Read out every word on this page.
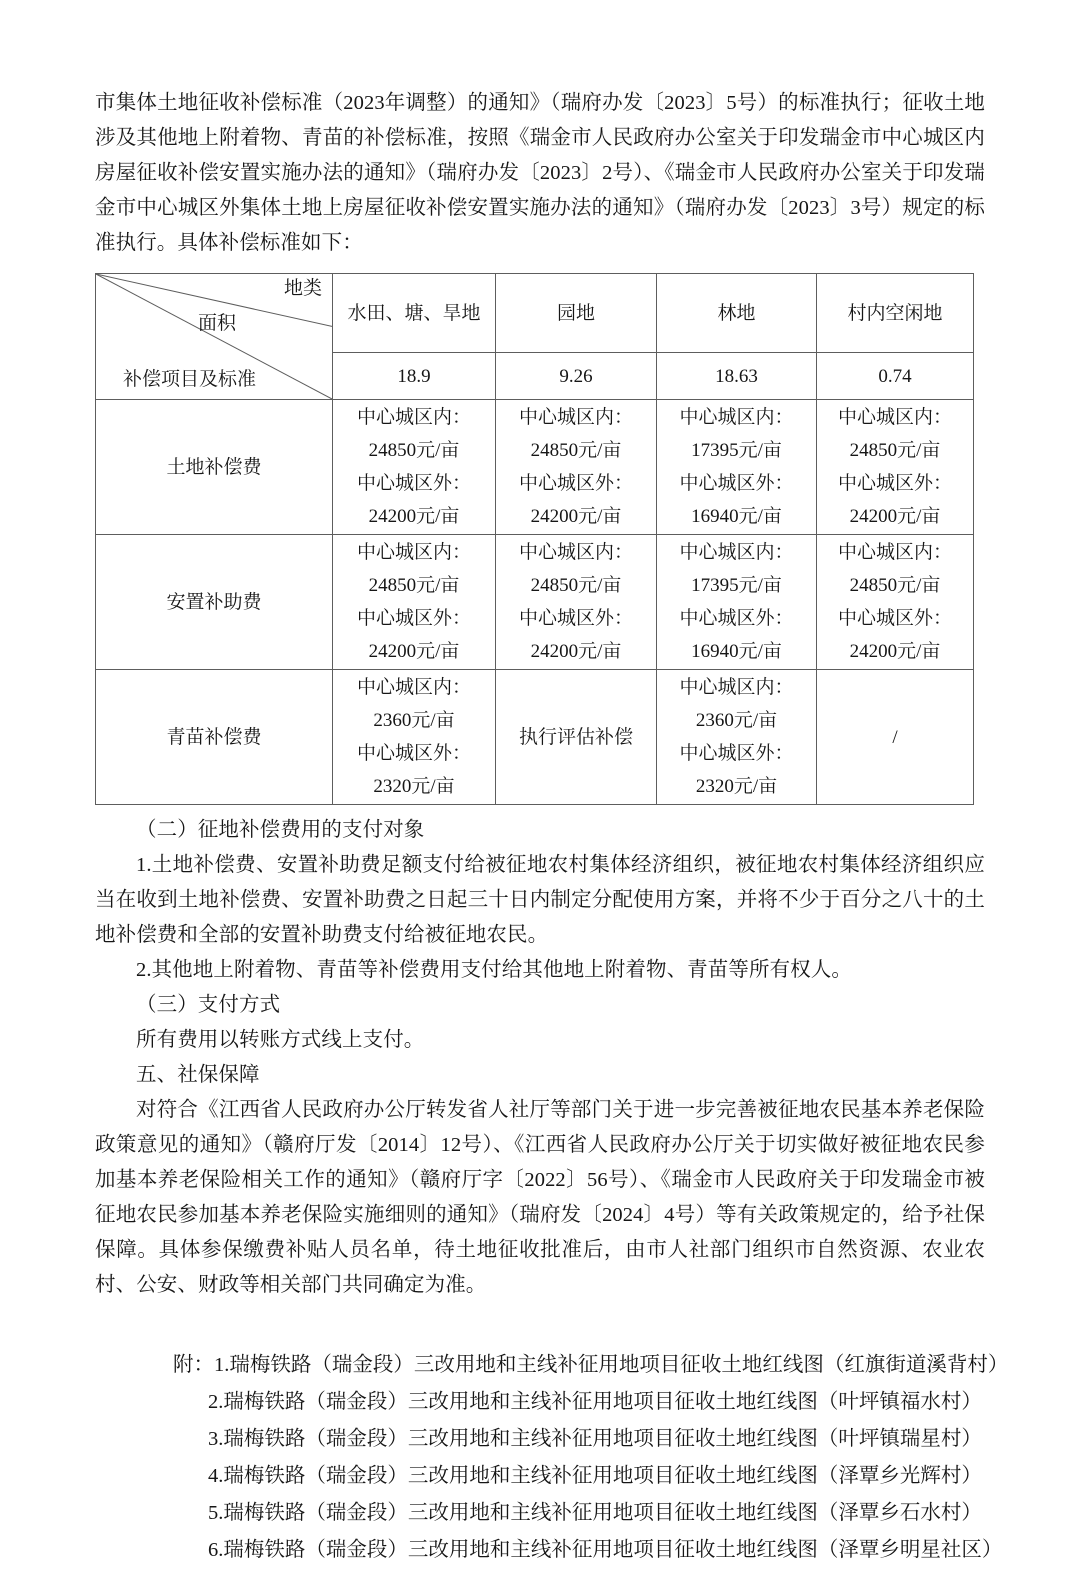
市集体土地征收补偿标准（2023年调整）的通知》（瑞府办发〔2023〕5号）的标准执行；征收土地涉及其他地上附着物、青苗的补偿标准，按照《瑞金市人民政府办公室关于印发瑞金市中心城区内房屋征收补偿安置实施办法的通知》（瑞府办发〔2023〕2号）、《瑞金市人民政府办公室关于印发瑞金市中心城区外集体土地上房屋征收补偿安置实施办法的通知》（瑞府办发〔2023〕3号）规定的标准执行。具体补偿标准如下：

地类
面积
补偿项目及标准	水田、塘、旱地	园地	林地	村内空闲地
	18.9	9.26	18.63	0.74
土地补偿费	中心城区内：
24850元/亩
中心城区外：
24200元/亩	中心城区内：
24850元/亩
中心城区外：
24200元/亩	中心城区内：
17395元/亩
中心城区外：
16940元/亩	中心城区内：
24850元/亩
中心城区外：
24200元/亩

安置补助费	中心城区内：
24850元/亩
中心城区外：
24200元/亩	中心城区内：
24850元/亩
中心城区外：
24200元/亩	中心城区内：
17395元/亩
中心城区外：
16940元/亩	中心城区内：
24850元/亩
中心城区外：
24200元/亩

青苗补偿费	中心城区内：
2360元/亩
中心城区外：
2320元/亩	执行评估补偿	中心城区内：
2360元/亩
中心城区外：
2320元/亩	/

（二）征地补偿费用的支付对象

1.土地补偿费、安置补助费足额支付给被征地农村集体经济组织，被征地农村集体经济组织应当在收到土地补偿费、安置补助费之日起三十日内制定分配使用方案，并将不少于百分之八十的土地补偿费和全部的安置补助费支付给被征地农民。

2.其他地上附着物、青苗等补偿费用支付给其他地上附着物、青苗等所有权人。

（三）支付方式

所有费用以转账方式线上支付。

五、社保保障

对符合《江西省人民政府办公厅转发省人社厅等部门关于进一步完善被征地农民基本养老保险政策意见的通知》（赣府厅发〔2014〕12号）、《江西省人民政府办公厅关于切实做好被征地农民参加基本养老保险相关工作的通知》（赣府厅字〔2022〕56号）、《瑞金市人民政府关于印发瑞金市被征地农民参加基本养老保险实施细则的通知》（瑞府发〔2024〕4号）等有关政策规定的，给予社保保障。具体参保缴费补贴人员名单，待土地征收批准后，由市人社部门组织市自然资源、农业农村、公安、财政等相关部门共同确定为准。

附：1.瑞梅铁路（瑞金段）三改用地和主线补征用地项目征收土地红线图（红旗街道溪背村）
2.瑞梅铁路（瑞金段）三改用地和主线补征用地项目征收土地红线图（叶坪镇福水村）
3.瑞梅铁路（瑞金段）三改用地和主线补征用地项目征收土地红线图（叶坪镇瑞星村）
4.瑞梅铁路（瑞金段）三改用地和主线补征用地项目征收土地红线图（泽覃乡光辉村）
5.瑞梅铁路（瑞金段）三改用地和主线补征用地项目征收土地红线图（泽覃乡石水村）
6.瑞梅铁路（瑞金段）三改用地和主线补征用地项目征收土地红线图（泽覃乡明星社区）
